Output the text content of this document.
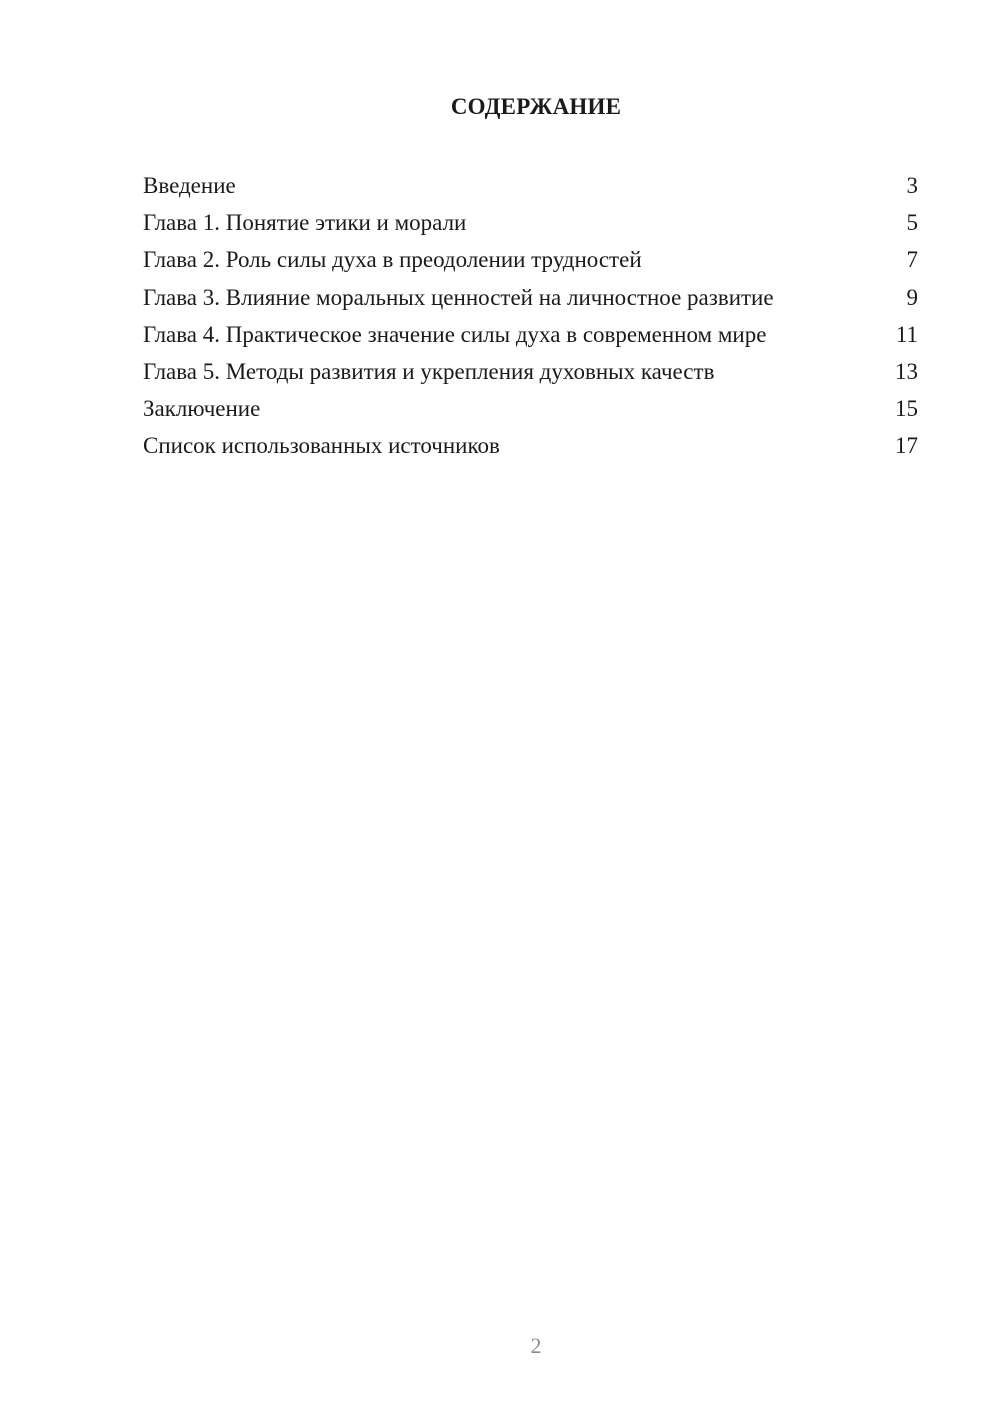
СОДЕРЖАНИЕ
Введение	3
Глава 1. Понятие этики и морали	5
Глава 2. Роль силы духа в преодолении трудностей	7
Глава 3. Влияние моральных ценностей на личностное развитие	9
Глава 4. Практическое значение силы духа в современном мире	11
Глава 5. Методы развития и укрепления духовных качеств	13
Заключение	15
Список использованных источников	17
2
